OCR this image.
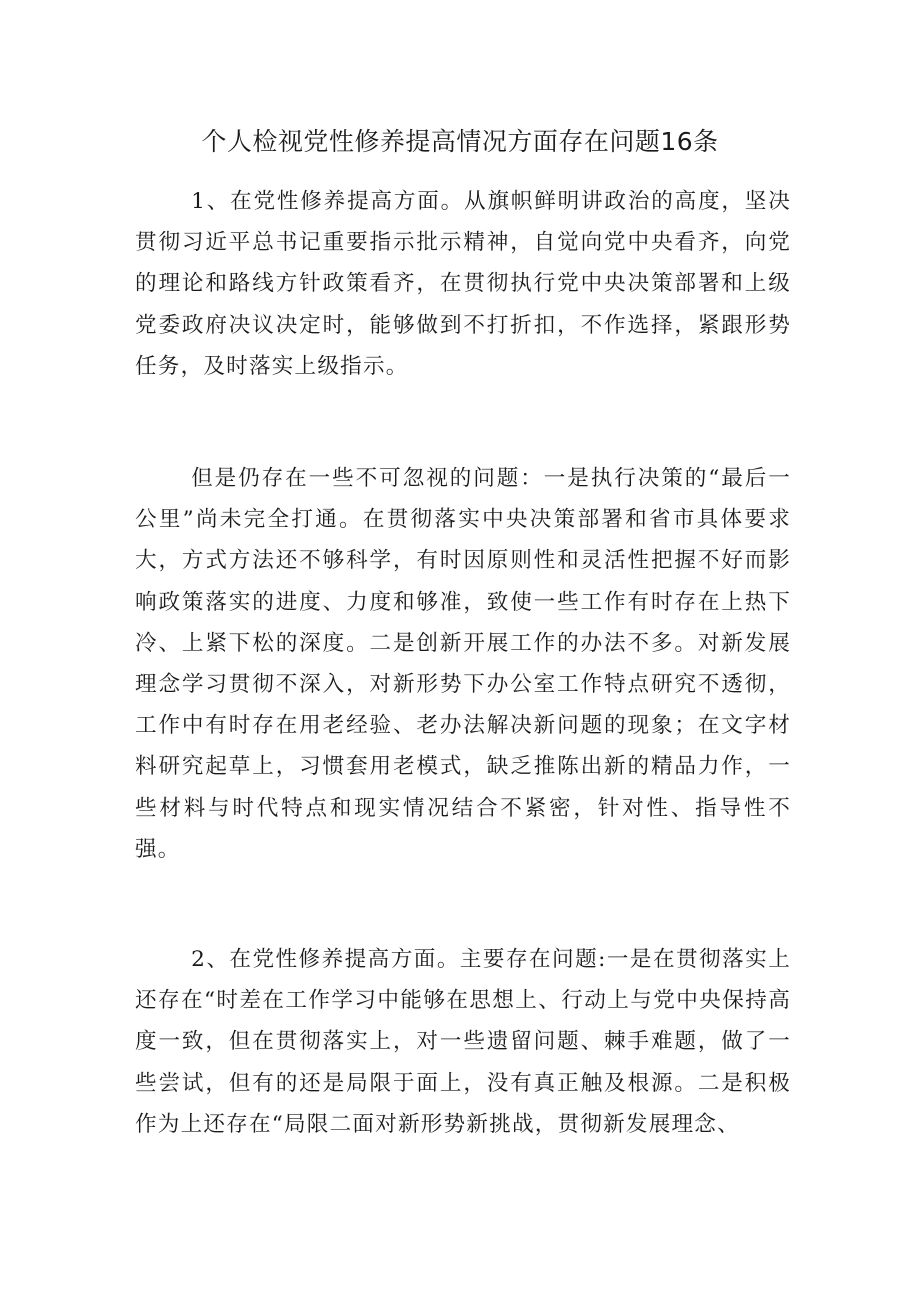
个人检视党性修养提高情况方面存在问题16条

1、在党性修养提高方面。从旗帜鲜明讲政治的高度，坚决贯彻习近平总书记重要指示批示精神，自觉向党中央看齐，向党的理论和路线方针政策看齐，在贯彻执行党中央决策部署和上级党委政府决议决定时，能够做到不打折扣，不作选择，紧跟形势任务，及时落实上级指示。

但是仍存在一些不可忽视的问题：一是执行决策的“最后一公里”尚未完全打通。在贯彻落实中央决策部署和省市具体要求大，方式方法还不够科学，有时因原则性和灵活性把握不好而影响政策落实的进度、力度和够准，致使一些工作有时存在上热下冷、上紧下松的深度。二是创新开展工作的办法不多。对新发展理念学习贯彻不深入，对新形势下办公室工作特点研究不透彻，工作中有时存在用老经验、老办法解决新问题的现象；在文字材料研究起草上，习惯套用老模式，缺乏推陈出新的精品力作，一些材料与时代特点和现实情况结合不紧密，针对性、指导性不强。

2、在党性修养提高方面。主要存在问题:一是在贯彻落实上还存在“时差在工作学习中能够在思想上、行动上与党中央保持高度一致，但在贯彻落实上，对一些遗留问题、棘手难题，做了一些尝试，但有的还是局限于面上，没有真正触及根源。二是积极作为上还存在“局限二面对新形势新挑战，贯彻新发展理念、
